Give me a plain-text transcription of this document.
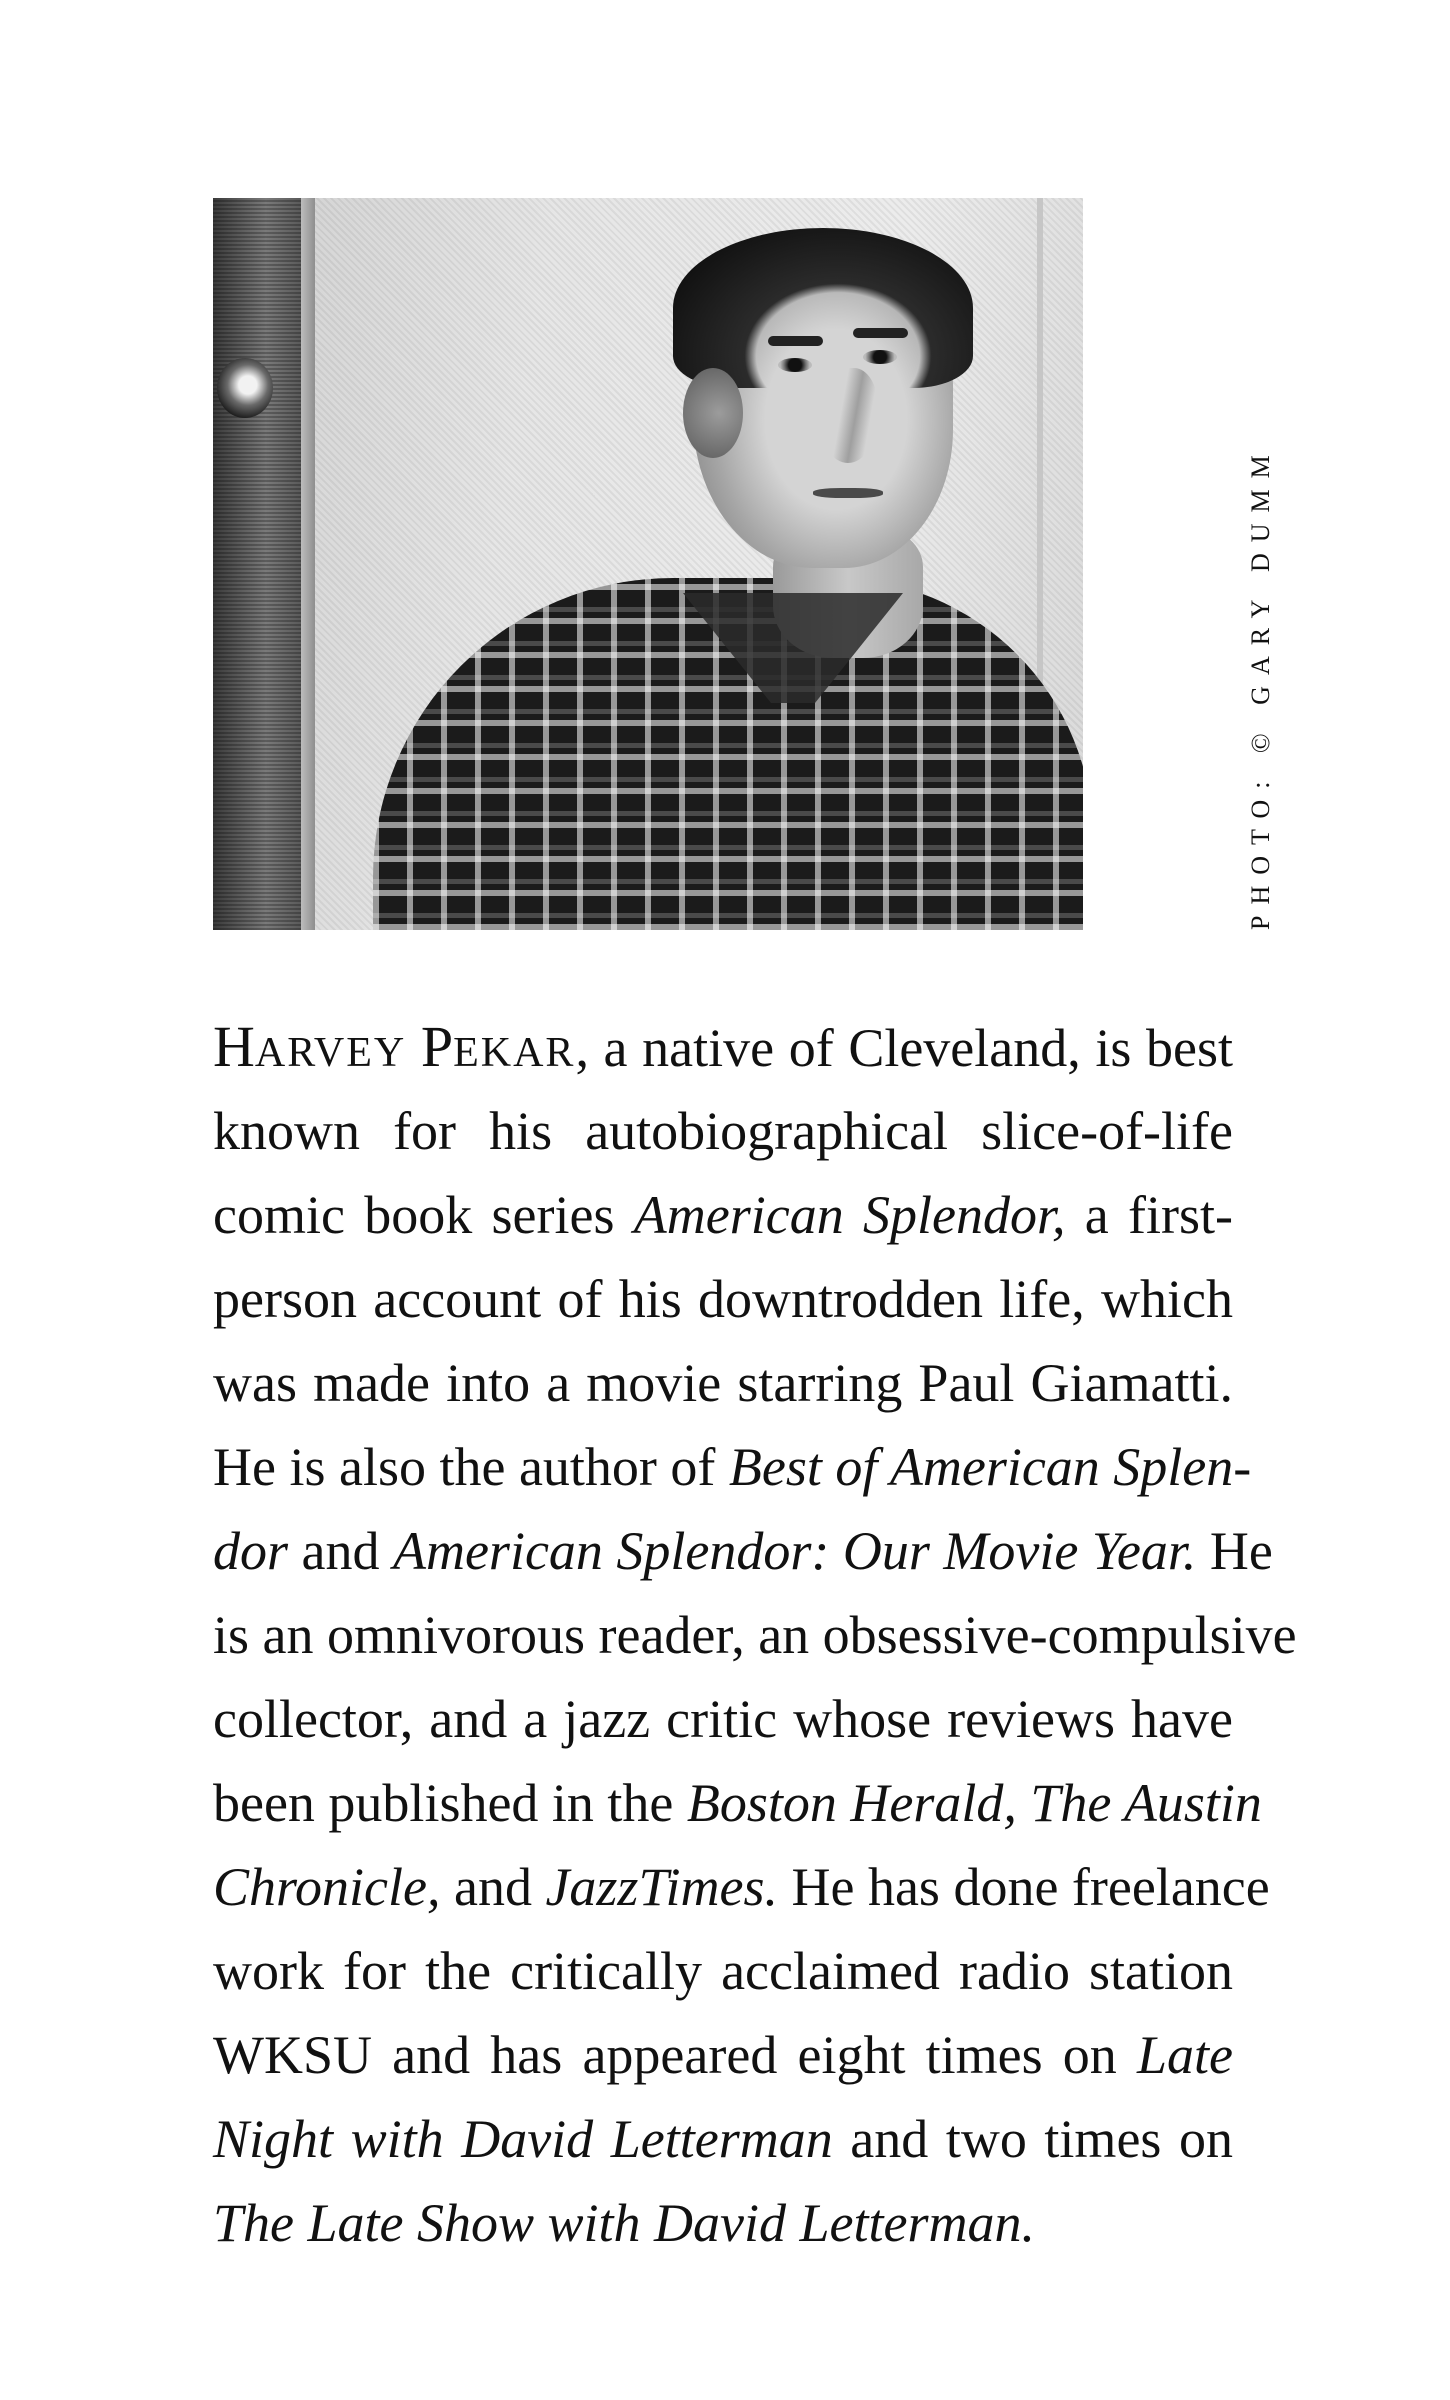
PHOTO: © GARY DUMM
HARVEY PEKAR, a native of Cleveland, is best
known for his autobiographical slice-of-life
comic book series American Splendor, a first-
person account of his downtrodden life, which
was made into a movie starring Paul Giamatti.
He is also the author of Best of American Splen-
dor and American Splendor: Our Movie Year. He
is an omnivorous reader, an obsessive-compulsive
collector, and a jazz critic whose reviews have
been published in the Boston Herald, The Austin
Chronicle, and JazzTimes. He has done freelance
work for the critically acclaimed radio station
WKSU and has appeared eight times on Late
Night with David Letterman and two times on
The Late Show with David Letterman.
